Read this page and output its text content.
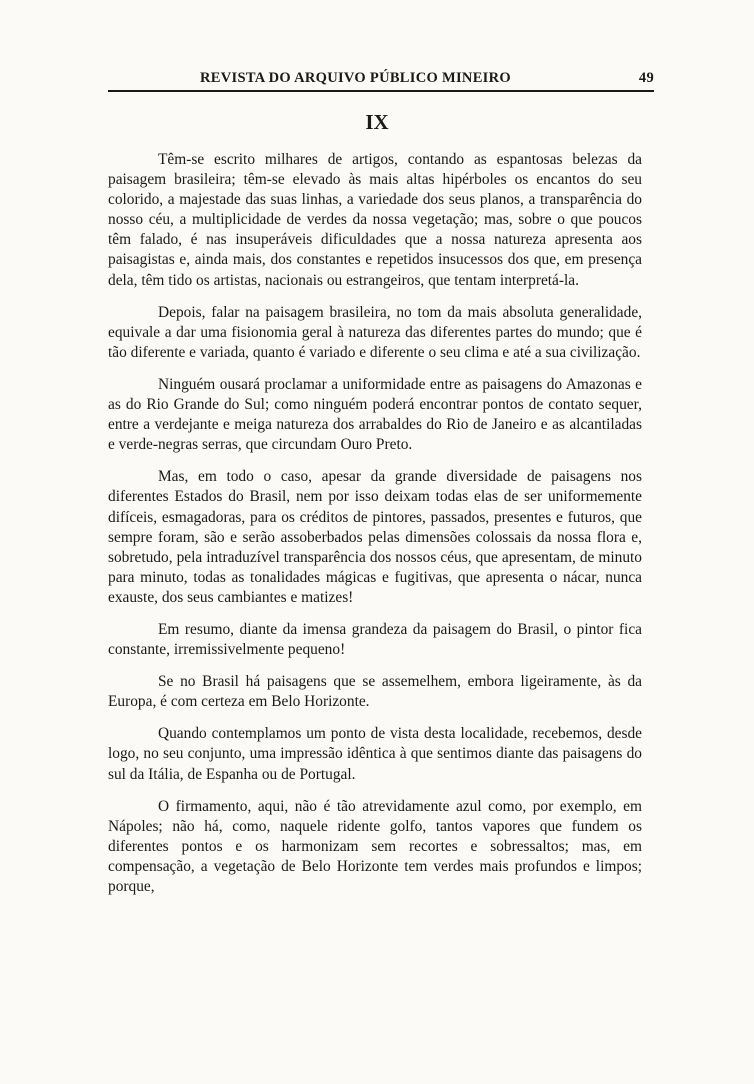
REVISTA DO ARQUIVO PÚBLICO MINEIRO	49
IX

Têm-se escrito milhares de artigos, contando as espantosas belezas da paisagem brasileira; têm-se elevado às mais altas hipérboles os encantos do seu colorido, a majestade das suas linhas, a variedade dos seus planos, a transparência do nosso céu, a multiplicidade de verdes da nossa vegetação; mas, sobre o que poucos têm falado, é nas insuperáveis dificuldades que a nossa natureza apresenta aos paisagistas e, ainda mais, dos constantes e repetidos insucessos dos que, em presença dela, têm tido os artistas, nacionais ou estrangeiros, que tentam interpretá-la.

Depois, falar na paisagem brasileira, no tom da mais absoluta generalidade, equivale a dar uma fisionomia geral à natureza das diferentes partes do mundo; que é tão diferente e variada, quanto é variado e diferente o seu clima e até a sua civilização.

Ninguém ousará proclamar a uniformidade entre as paisagens do Amazonas e as do Rio Grande do Sul; como ninguém poderá encontrar pontos de contato sequer, entre a verdejante e meiga natureza dos arrabaldes do Rio de Janeiro e as alcantiladas e verde-negras serras, que circundam Ouro Preto.

Mas, em todo o caso, apesar da grande diversidade de paisagens nos diferentes Estados do Brasil, nem por isso deixam todas elas de ser uniformemente difíceis, esmagadoras, para os créditos de pintores, passados, presentes e futuros, que sempre foram, são e serão assoberbados pelas dimensões colossais da nossa flora e, sobretudo, pela intraduzível transparência dos nossos céus, que apresentam, de minuto para minuto, todas as tonalidades mágicas e fugitivas, que apresenta o nácar, nunca exauste, dos seus cambiantes e matizes!

Em resumo, diante da imensa grandeza da paisagem do Brasil, o pintor fica constante, irremissivelmente pequeno!

Se no Brasil há paisagens que se assemelhem, embora ligeiramente, às da Europa, é com certeza em Belo Horizonte.

Quando contemplamos um ponto de vista desta localidade, recebemos, desde logo, no seu conjunto, uma impressão idêntica à que sentimos diante das paisagens do sul da Itália, de Espanha ou de Portugal.

O firmamento, aqui, não é tão atrevidamente azul como, por exemplo, em Nápoles; não há, como, naquele ridente golfo, tantos vapores que fundem os diferentes pontos e os harmonizam sem recortes e sobressaltos; mas, em compensação, a vegetação de Belo Horizonte tem verdes mais profundos e limpos; porque,
